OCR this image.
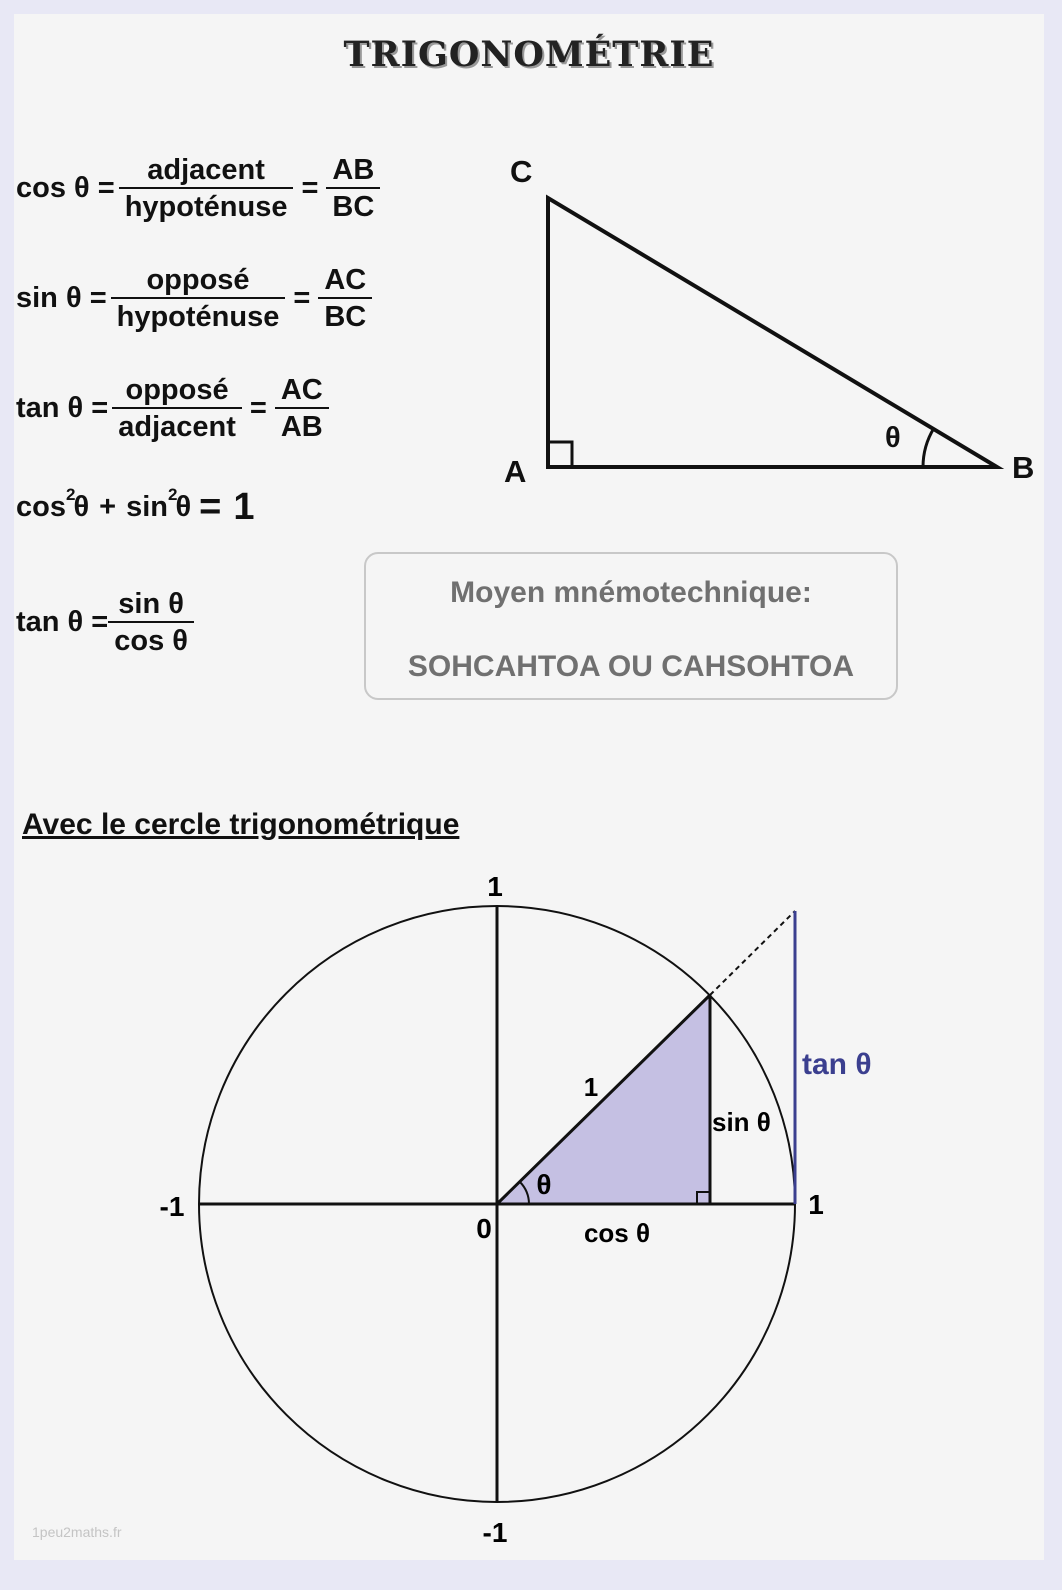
TRIGONOMÉTRIE
$\cos \theta = \frac{\text{adjacent}}{\text{hypoténuse}} = \frac{AB}{BC}$
$\sin \theta = \frac{\text{opposé}}{\text{hypoténuse}} = \frac{AC}{BC}$
$\tan \theta = \frac{\text{opposé}}{\text{adjacent}} = \frac{AC}{AB}$
cos 2
θ + sin 2
θ = 1
$\tan \theta = \frac{\text{sin θ}}{\text{cos θ}}$
C
A	B
θ
Moyen mnémotechnique:
SOHCAHTOA OU CAHSOHTOA
Avec le cercle trigonométrique
1
-1
-1	1
0
1
θ
sin θ
cos θ
tan θ
1peu2maths.fr
